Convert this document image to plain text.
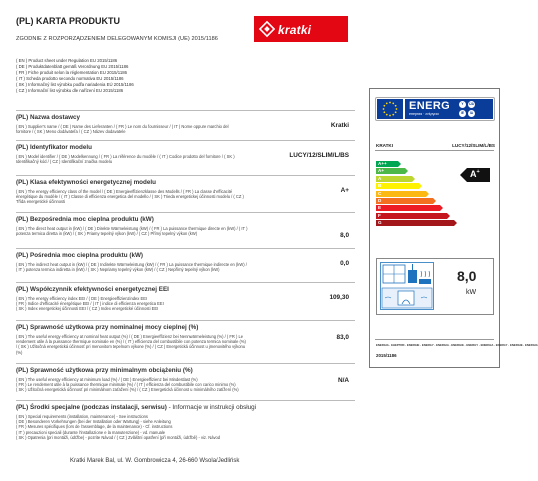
(PL) KARTA PRODUKTU
ZGODNIE Z ROZPORZĄDZENIEM DELEGOWANYM KOMISJI (UE) 2015/1186
kratki
( EN ) Product sheet under Regulation EU 2015/1186
( DE ) Produktdatenblatt gemäß Verordnung EU 2015/1186
( FR ) Fiche produit selon la réglementation EU 2015/1186
( IT ) Scheda prodotto secondo normativa EU 2015/1186
( SK ) Informačný list výrobku podľa nariadenia EÚ 2015/1186
( CZ ) Informační list výrobku dle nařízení EU 2015/1186
(PL) Nazwa dostawcy
( EN ) Supplier's name / ( DE ) Name des Lieferanten / ( FR ) Le nom du fournisseur / ( IT ) Nome oppure marchio del
fornitore / ( SK ) Meno dodávateľa / ( CZ ) Název dodavatele
Kratki
(PL) Identyfikator modelu
( EN ) Model identifier / ( DE ) Modelkennung / ( FR ) La référence du modèle / ( IT ) Codice prodotto del fornitore / ( SK )
Identifikačný kód / ( CZ ) Identifikační značka modelu
LUCY/12/SLIM/L/BS
(PL) Klasa efektywności energetycznej modelu
( EN ) The energy efficiency class of the model / ( DE ) Energieeffizienzklasse des Modells / ( FR ) La classe d'efficacité
énergétique du modèle / ( IT ) Classe di efficienza energetica del modello / ( SK ) Trieda energetickej účinnosti modelu / ( CZ )
Třída energetické účinnosti
A+
(PL) Bezpośrednia moc cieplna produktu (kW)
( EN ) The direct heat output in (kW) / ( DE ) Direkte Wärmeleistung (kW) / ( FR ) La puissance thermique directe en (kW) / ( IT )
potenza termica diretta in (kW) / ( SK ) Priamy tepelný výkon (kW) / ( CZ ) Přímý tepelný výkon (kW)	8,0
(PL) Pośrednia moc cieplna produktu (kW)
( EN ) The indirect heat output in (kW) / ( DE ) Indirekte Wärmeleistung (kW) / ( FR ) La puissance thermique indirecte en (kW) /
( IT ) potenza termica indiretta in (kW) / ( SK ) Nepriamy tepelný výkon (kW) / ( CZ ) Nepřímý tepelný výkon (kW)
0,0
(PL) Współczynnik efektywności energetycznej EEI
( EN ) The energy efficiency index EEI / ( DE ) Energieeffizienzindex EEI
( FR ) Indice d'efficacité énergétique EEI / ( IT ) indice di efficienza energetica EEI
( SK ) Index energetickej účinnosti EEI / ( CZ ) Index energetické účinnosti EEI
109,30
(PL) Sprawność użytkowa przy nominalnej mocy cieplnej (%)
( EN ) The useful energy efficiency at nominal heat output (%) / ( DE ) Energieeffizienz bei Nennwärmeleistung (%) / ( FR ) Le
rendement utile à la puissance thermique nominale en (%) / ( IT ) efficienza del combustibile con potenza termica nominale (%)
/ ( SK ) Užitočná energetická účinnosť pri menovitom tepelnom výkone (%) / ( CZ ) Energetická účinnost u jmenovitého výkonu
(%)
83,0
(PL) Sprawność użytkowa przy minimalnym obciążeniu (%)
( EN ) The useful energy efficiency at minimum load (%) / ( DE ) Energieeffizienz bei Mindestlast (%)
( FR ) Le rendement utile à la puissance thermique minimale (%) / ( IT ) efficienza del combustibile con carico minimo (%)
( SK ) Užitočná energetická účinnosť pri minimálnom zaťažení (%) / ( CZ ) Energetická účinnost u minimálního zatížení (%)
N/A
(PL) Środki specjalne (podczas instalacji, serwisu) - Informacje w instrukcji obsługi
( EN ) Special requirements (installation, maintenance) - See instructions
( DE ) Besonderen Vorkehrungen (bei der Installation oder Wartung) - siehe Anleitung
( FR ) Mesures spécifiques (lors de l'assemblage, de la maintenance) - Cf. instructions
( IT ) precauzioni speciali (durante l'installazione e la manutenzione) - vd. manuale
( SK ) Opatrenia (pri montáži, údržbe) - pozrite Návod / ( CZ ) Zvláštní opatření (při montáži, údržbě) - viz. Návod
Kratki Marek Bal, ul. W. Gombrowicza 4, 26-660 Wsola/Jedlińsk
ENERG
енергия · ενέργεια
Y	IJA
IE	IA
KRATKI	LUCY/12/SLIM/L/BS
A++
A+
A
B
C
D
E
F
G
A+
8,0
kW
ENERGIA · ЕНЕРГИЯ · ENERGIE · ENERGY · ENERGIA · ENERGIE · ENERGY · ENERGIA · ENERGY · ENERGIE · ENERGIA
2015/1186
